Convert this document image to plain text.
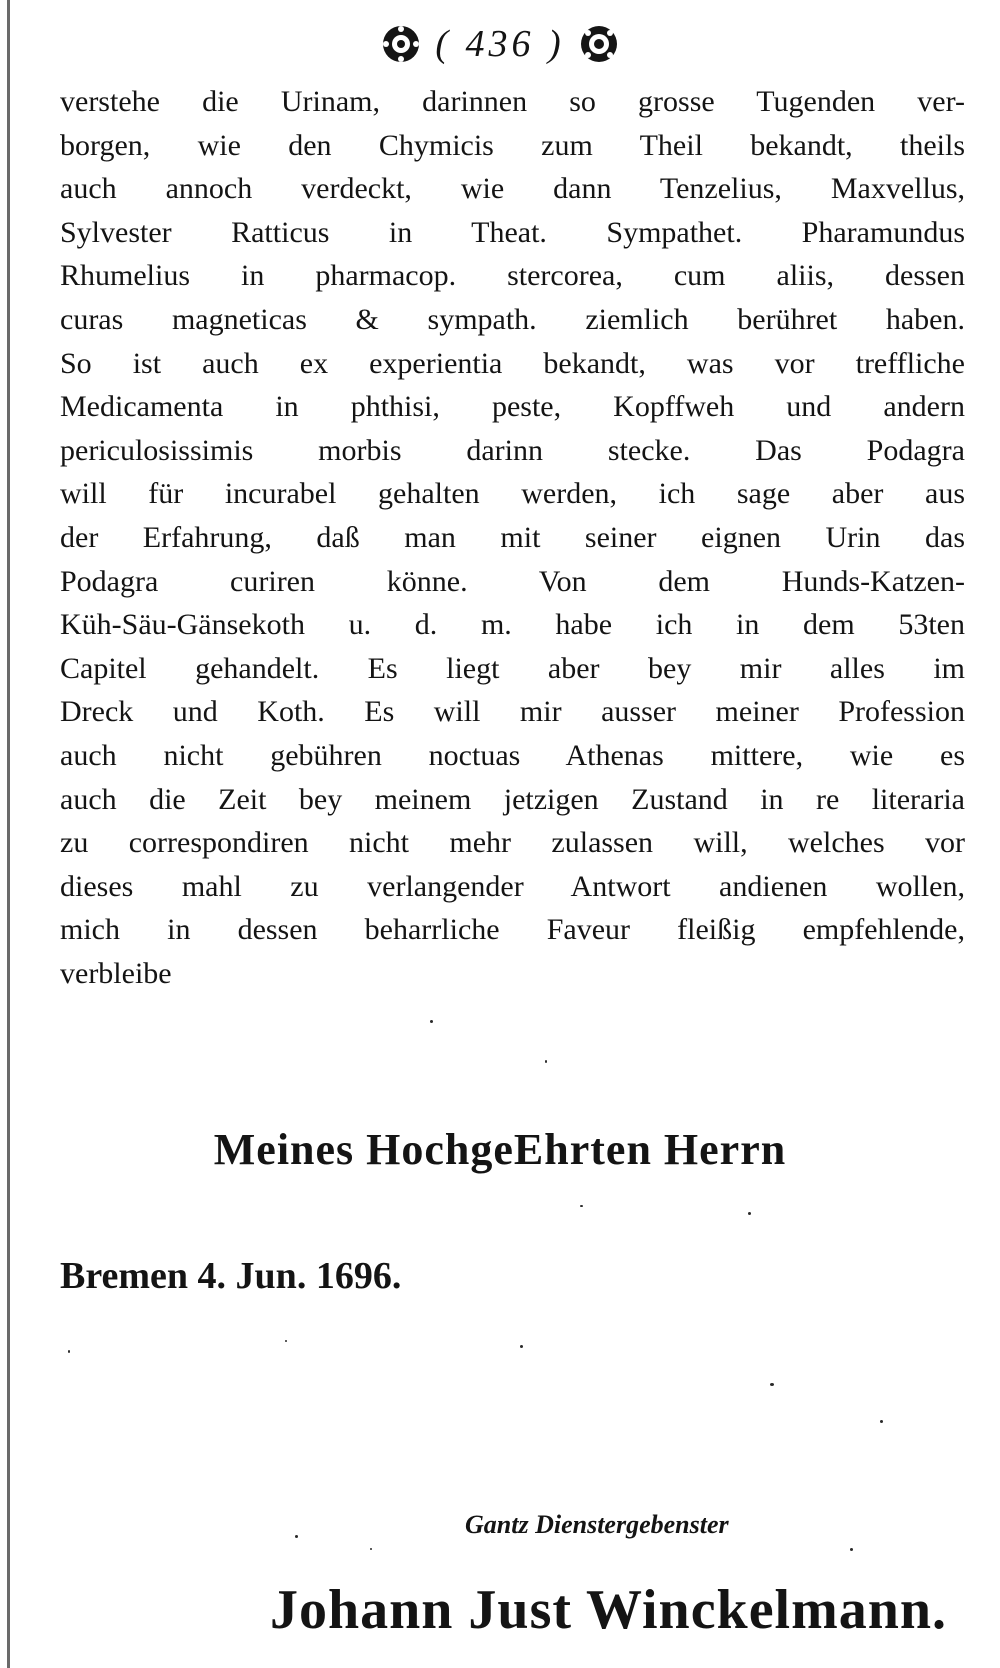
( 436 )
verstehe die Urinam, darinnen so grosse Tugenden ver-
borgen, wie den Chymicis zum Theil bekandt, theils
auch annoch verdeckt, wie dann Tenzelius, Maxvellus,
Sylvester Ratticus in Theat. Sympathet. Pharamundus
Rhumelius in pharmacop. stercorea, cum aliis, dessen
curas magneticas & sympath. ziemlich berühret haben.
So ist auch ex experientia bekandt, was vor treffliche
Medicamenta in phthisi, peste, Kopffweh und andern
periculosissimis morbis darinn stecke. Das Podagra
will für incurabel gehalten werden, ich sage aber aus
der Erfahrung, daß man mit seiner eignen Urin das
Podagra curiren könne. Von dem Hunds-Katzen-
Küh-Säu-Gänsekoth u. d. m. habe ich in dem 53ten
Capitel gehandelt. Es liegt aber bey mir alles im
Dreck und Koth. Es will mir ausser meiner Profession
auch nicht gebühren noctuas Athenas mittere, wie es
auch die Zeit bey meinem jetzigen Zustand in re literaria
zu correspondiren nicht mehr zulassen will, welches vor
dieses mahl zu verlangender Antwort andienen wollen,
mich in dessen beharrliche Faveur fleißig empfehlende,
verbleibe
Meines HochgeEhrten Herrn
Bremen 4. Jun. 1696.
Gantz Dienstergebenster
Johann Just Winckelmann.
